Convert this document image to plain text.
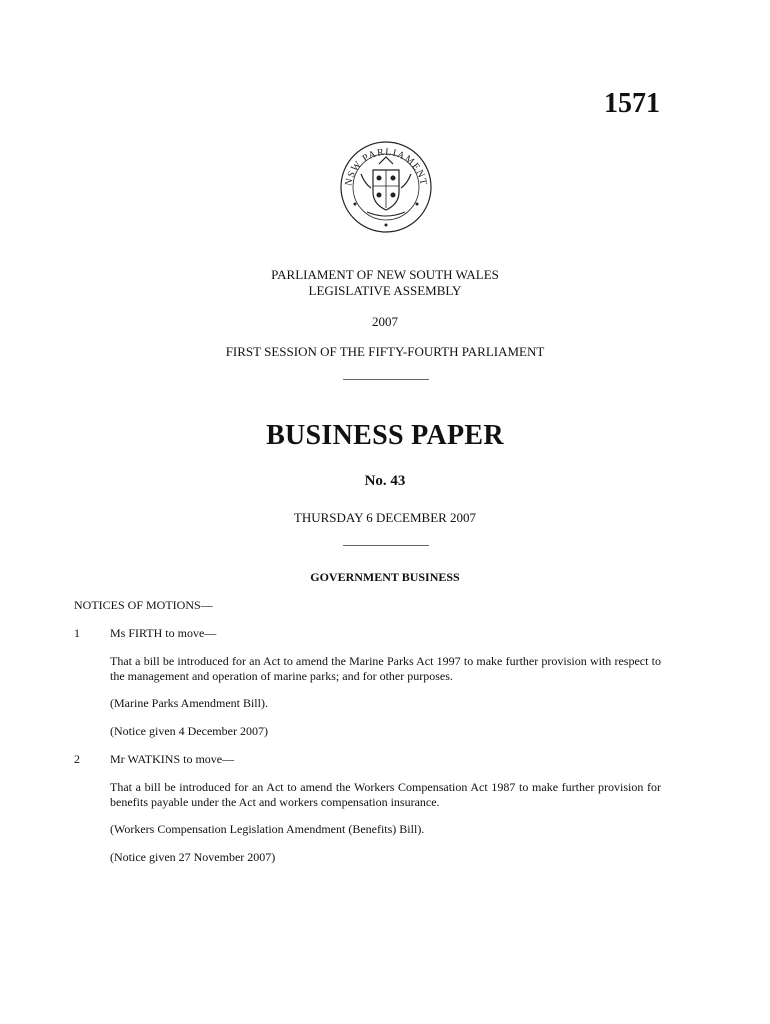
1571
NSW PARLIAMENT
PARLIAMENT OF NEW SOUTH WALES
LEGISLATIVE ASSEMBLY
2007
FIRST SESSION OF THE FIFTY-FOURTH PARLIAMENT
BUSINESS PAPER
No. 43
THURSDAY 6 DECEMBER 2007
GOVERNMENT BUSINESS
NOTICES OF MOTIONS—
1	Ms FIRTH to move—
That a bill be introduced for an Act to amend the Marine Parks Act 1997 to make further provision with respect to the management and operation of marine parks; and for other purposes.
(Marine Parks Amendment Bill).
(Notice given 4 December 2007)
2	Mr WATKINS to move—
That a bill be introduced for an Act to amend the Workers Compensation Act 1987 to make further provision for benefits payable under the Act and workers compensation insurance.
(Workers Compensation Legislation Amendment (Benefits) Bill).
(Notice given 27 November 2007)
